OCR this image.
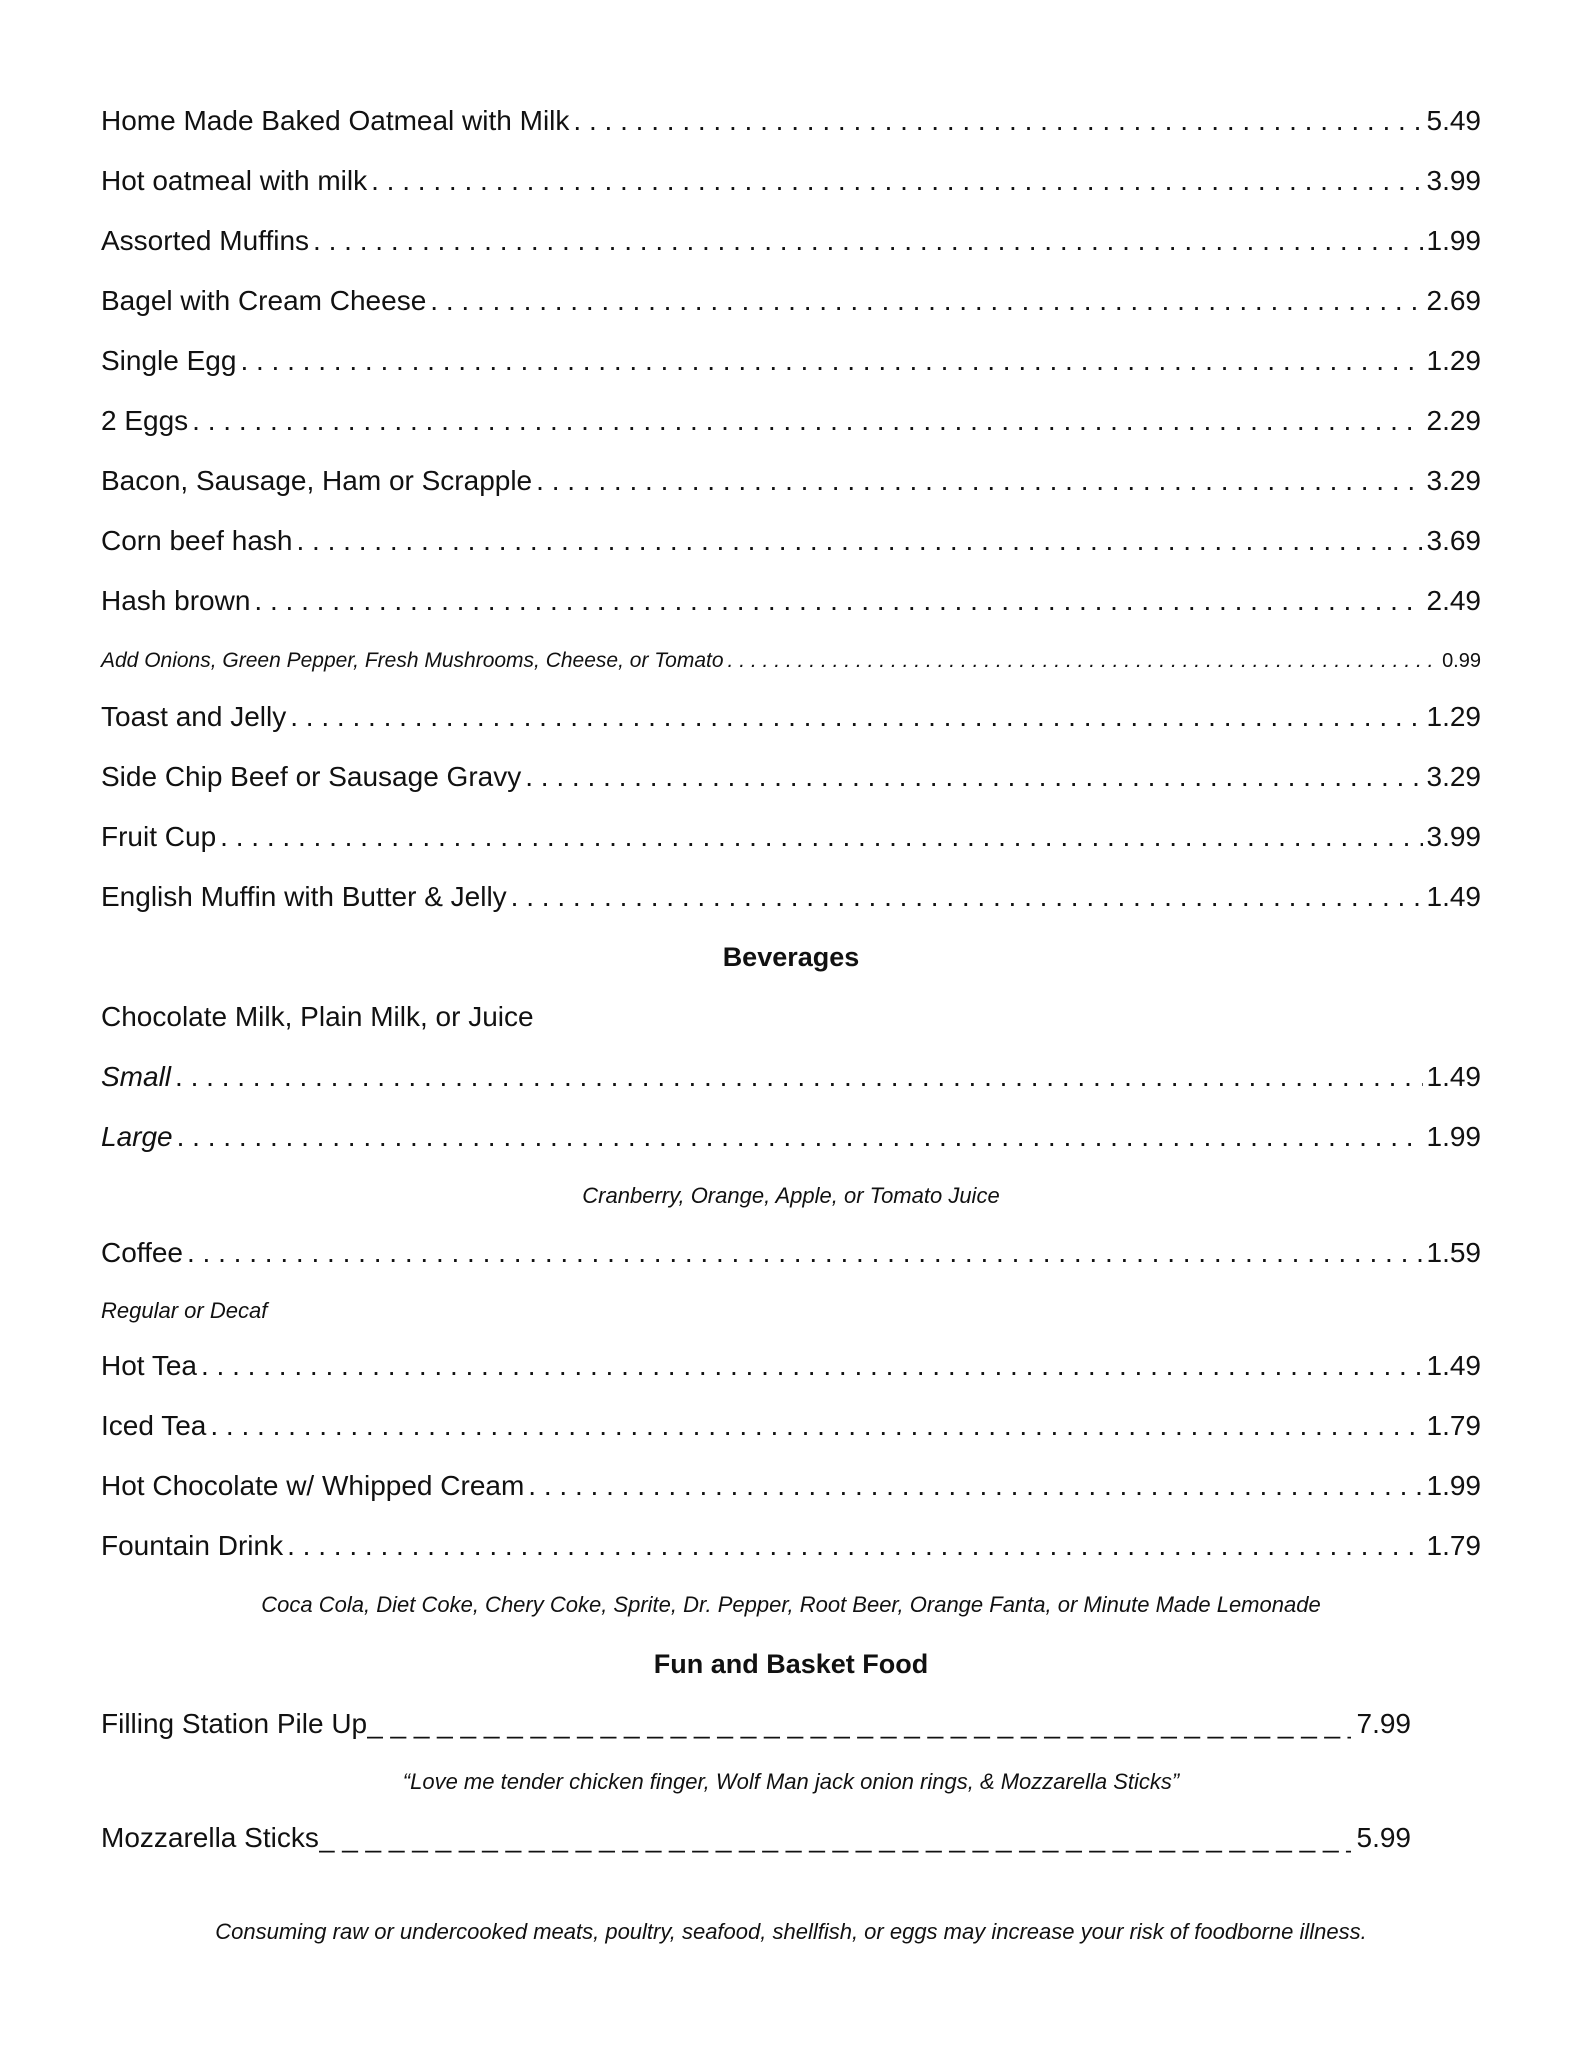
Home Made Baked Oatmeal with Milk . . .	5.49
Hot oatmeal with milk . . .	3.99
Assorted Muffins . . .	1.99
Bagel with Cream Cheese . . .	2.69
Single Egg . . .	1.29
2 Eggs . . .	2.29
Bacon, Sausage, Ham or Scrapple . . .	3.29
Corn beef hash . . .	3.69
Hash brown . . .	2.49
Add Onions, Green Pepper, Fresh Mushrooms, Cheese, or Tomato . . .	0.99
Toast and Jelly . . .	1.29
Side Chip Beef or Sausage Gravy . . .	3.29
Fruit Cup . . .	3.99
English Muffin with Butter & Jelly . . .	1.49
Beverages
Chocolate Milk, Plain Milk, or Juice
Small . . .	1.49
Large . . .	1.99
Cranberry, Orange, Apple, or Tomato Juice
Coffee . . .	1.59
Regular or Decaf
Hot Tea . . .	1.49
Iced Tea . . .	1.79
Hot Chocolate w/ Whipped Cream . . .	1.99
Fountain Drink . . .	1.79
Coca Cola, Diet Coke, Chery Coke, Sprite, Dr. Pepper, Root Beer, Orange Fanta, or Minute Made Lemonade
Fun and Basket Food
Filling Station Pile Up _ _ _	7.99
“Love me tender chicken finger, Wolf Man jack onion rings, & Mozzarella Sticks”
Mozzarella Sticks _ _ _	5.99
Consuming raw or undercooked meats, poultry, seafood, shellfish, or eggs may increase your risk of foodborne illness.
